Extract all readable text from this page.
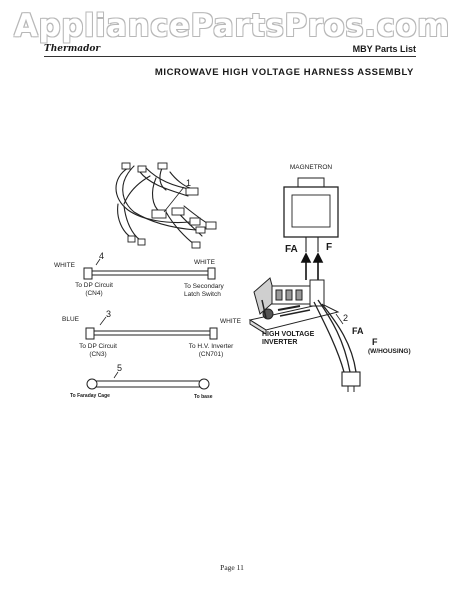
AppliancePartsPros.com
Thermador	MBY Parts List
MICROWAVE HIGH VOLTAGE HARNESS ASSEMBLY
1
4
WHITE	WHITE
To DP Circuit
(CN4)
To Secondary
Latch Switch
3
BLUE	WHITE
To DP Circuit
(CN3)
To H.V. Inverter
(CN701)
5
To Faraday Cage	To base
MAGNETRON
FA	F
2
HIGH VOLTAGE
INVERTER
FA
F
(W/HOUSING)
Page 11
